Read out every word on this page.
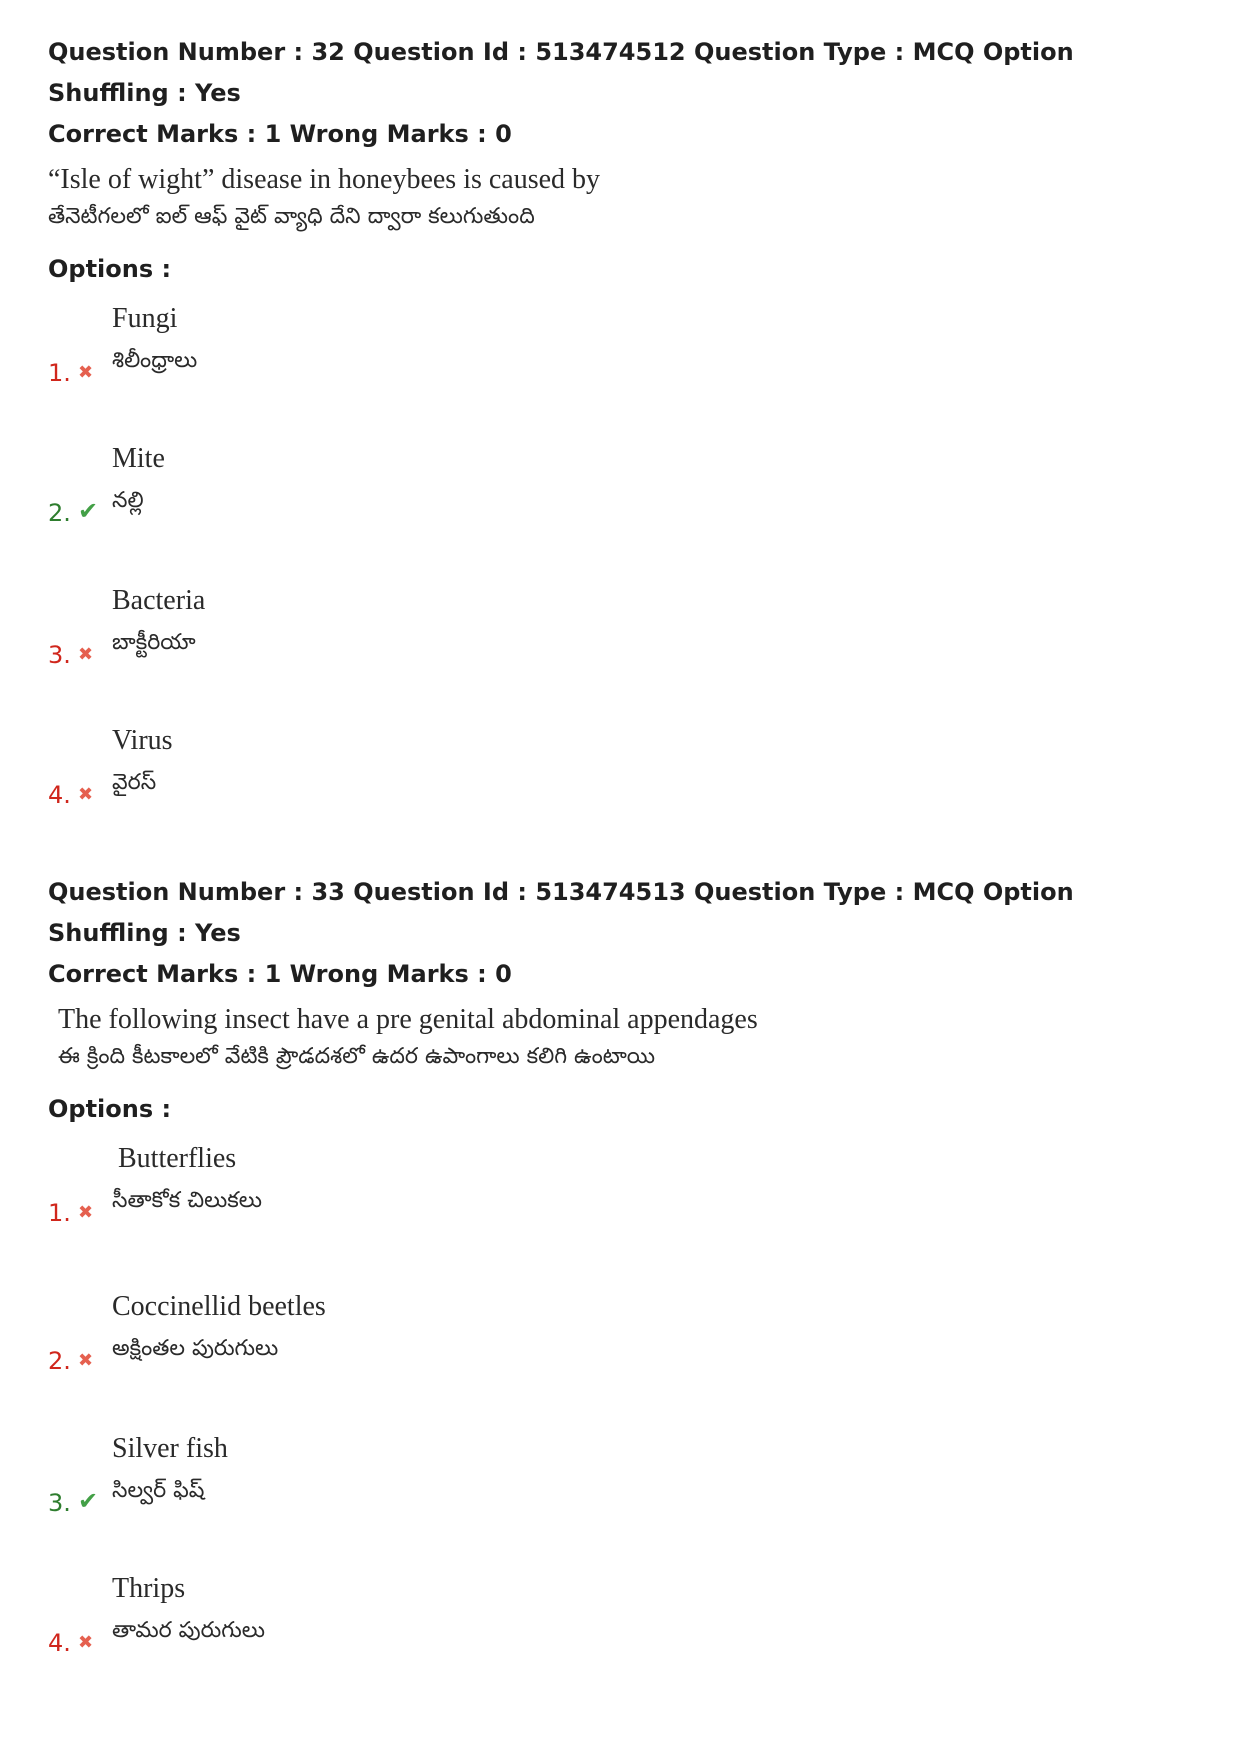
Question Number : 32 Question Id : 513474512 Question Type : MCQ Option Shuffling : Yes
Correct Marks : 1 Wrong Marks : 0
“Isle of wight” disease in honeybees is caused by
తేనెటీగలలో ఐల్ ఆఫ్ వైట్ వ్యాధి దేని ద్వారా కలుగుతుంది
Options :
Fungi
శిలీంధ్రాలు
1. ✖
Mite
నల్లి
2. ✔
Bacteria
బాక్టీరియా
3. ✖
Virus
వైరస్
4. ✖
Question Number : 33 Question Id : 513474513 Question Type : MCQ Option Shuffling : Yes
Correct Marks : 1 Wrong Marks : 0
The following insect have a pre genital abdominal appendages
ఈ క్రింది కీటకాలలో వేటికి ప్రౌడదశలో ఉదర ఉపాంగాలు కలిగి ఉంటాయి
Options :
Butterflies
సీతాకోక చిలుకలు
1. ✖
Coccinellid beetles
అక్షింతల పురుగులు
2. ✖
Silver fish
సిల్వర్ ఫిష్
3. ✔
Thrips
తామర పురుగులు
4. ✖
